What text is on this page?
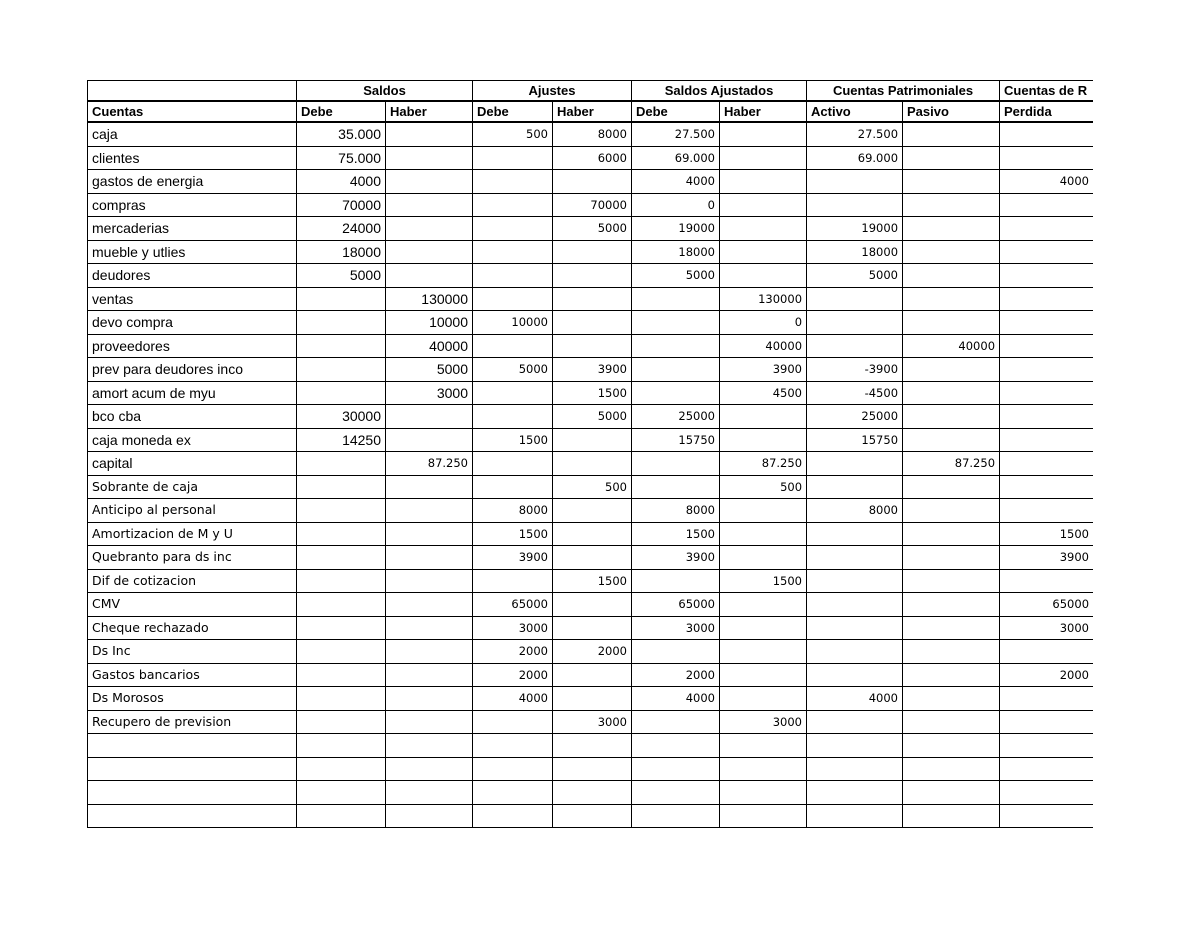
	Saldos		Ajustes		Saldos Ajustados		Cuentas Patrimoniales		Cuentas de R	
Cuentas	Debe	Haber	Debe	Haber	Debe	Haber	Activo	Pasivo	Perdida	
caja	35.000		500	8000	27.500		27.500			
clientes	75.000			6000	69.000		69.000			
gastos de energia	4000				4000				4000	
compras	70000			70000	0					
mercaderias	24000			5000	19000		19000			
mueble y utlies	18000				18000		18000			
deudores	5000				5000		5000			
ventas		130000				130000				
devo compra		10000	10000			0				
proveedores		40000				40000		40000		
prev para deudores inco		5000	5000	3900		3900	-3900			
amort acum de myu		3000		1500		4500	-4500			
bco cba	30000			5000	25000		25000			
caja moneda ex	14250		1500		15750		15750			
capital		87.250				87.250		87.250		
Sobrante de caja				500		500				
Anticipo al personal			8000		8000		8000			
Amortizacion de M y U			1500		1500				1500	
Quebranto para ds inc			3900		3900				3900	
Dif de cotizacion				1500		1500				
CMV			65000		65000				65000	
Cheque rechazado			3000		3000				3000	
Ds Inc			2000	2000						
Gastos bancarios			2000		2000				2000	
Ds Morosos			4000		4000		4000			
Recupero de prevision				3000		3000				
